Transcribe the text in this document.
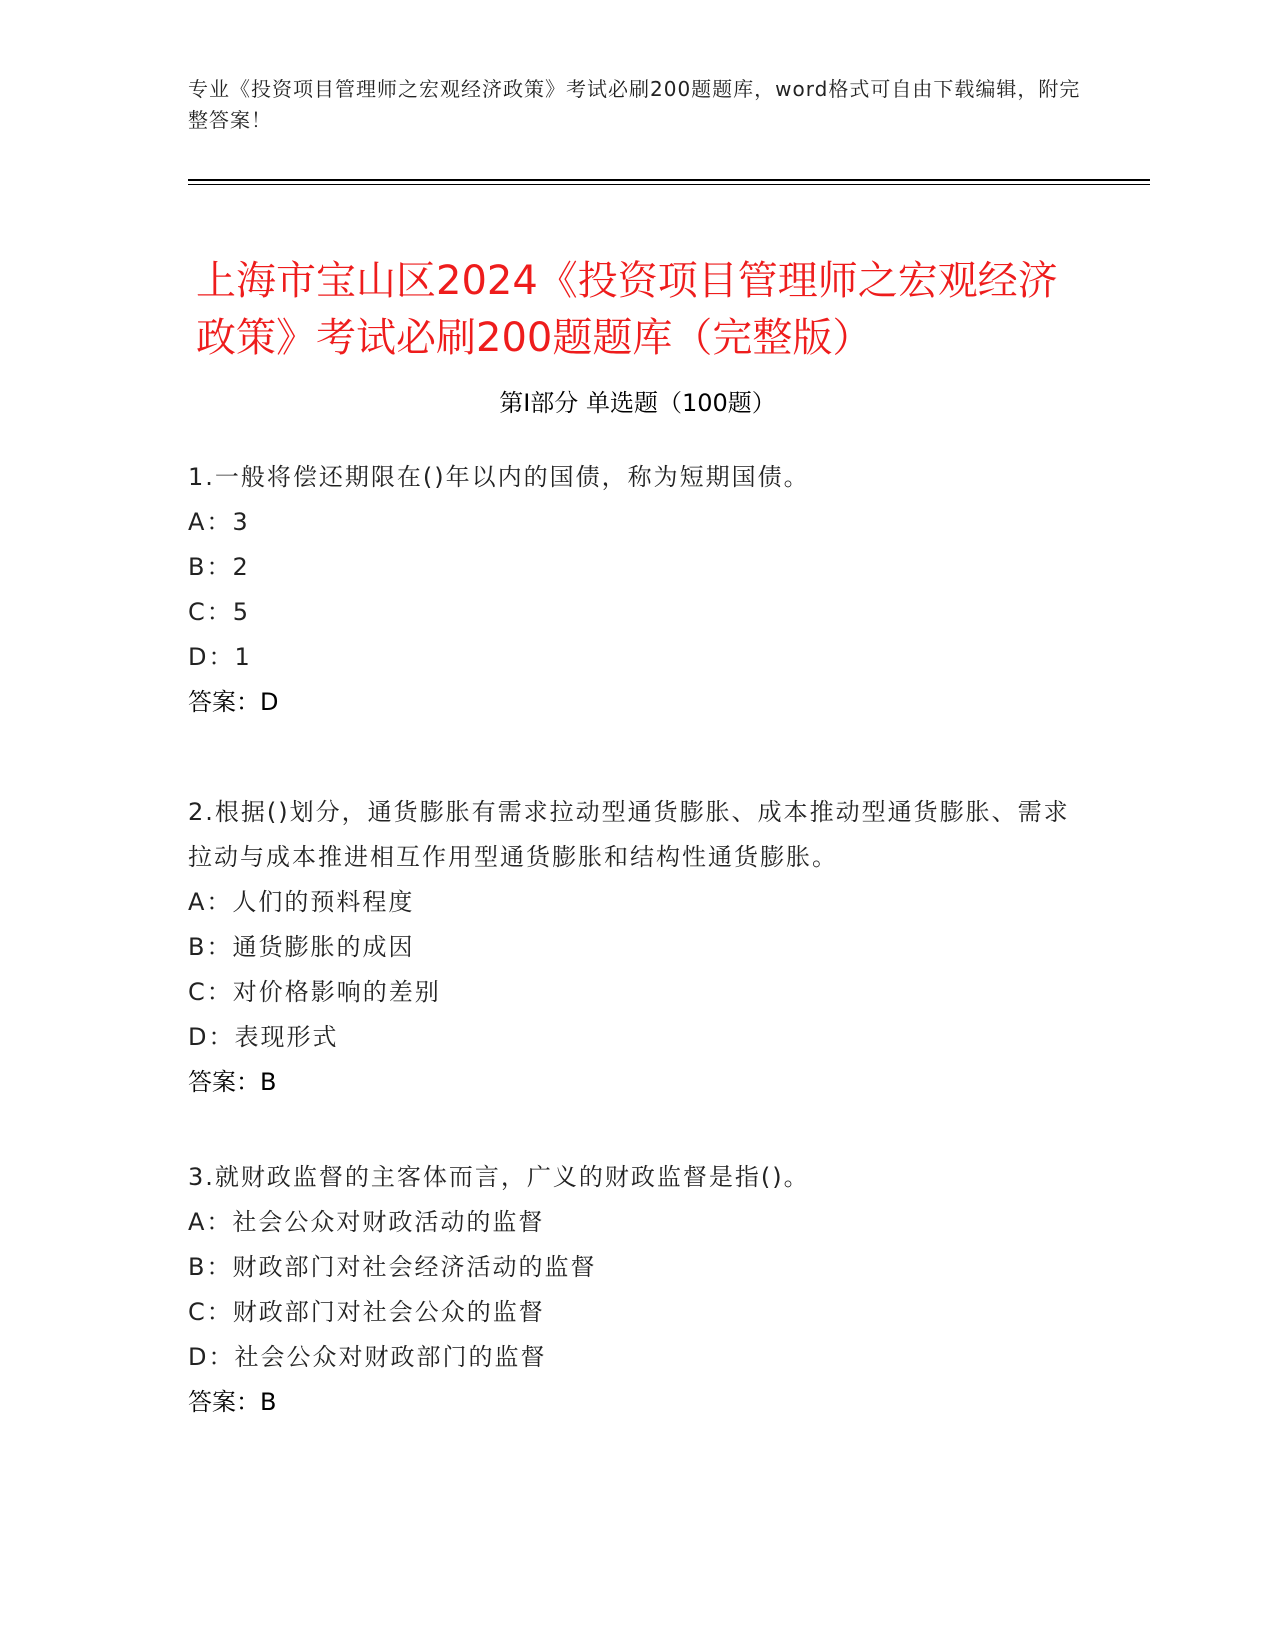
专业《投资项目管理师之宏观经济政策》考试必刷200题题库，word格式可自由下载编辑，附完整答案！
上海市宝山区2024《投资项目管理师之宏观经济政策》考试必刷200题题库（完整版）
第I部分 单选题（100题）

1.一般将偿还期限在()年以内的国债，称为短期国债。

A： 3

B： 2

C： 5

D： 1

答案：D

2.根据()划分，通货膨胀有需求拉动型通货膨胀、成本推动型通货膨胀、需求拉动与成本推进相互作用型通货膨胀和结构性通货膨胀。

A： 人们的预料程度

B： 通货膨胀的成因

C： 对价格影响的差别

D： 表现形式

答案：B

3.就财政监督的主客体而言，广义的财政监督是指()。

A： 社会公众对财政活动的监督

B： 财政部门对社会经济活动的监督

C： 财政部门对社会公众的监督

D： 社会公众对财政部门的监督

答案：B
